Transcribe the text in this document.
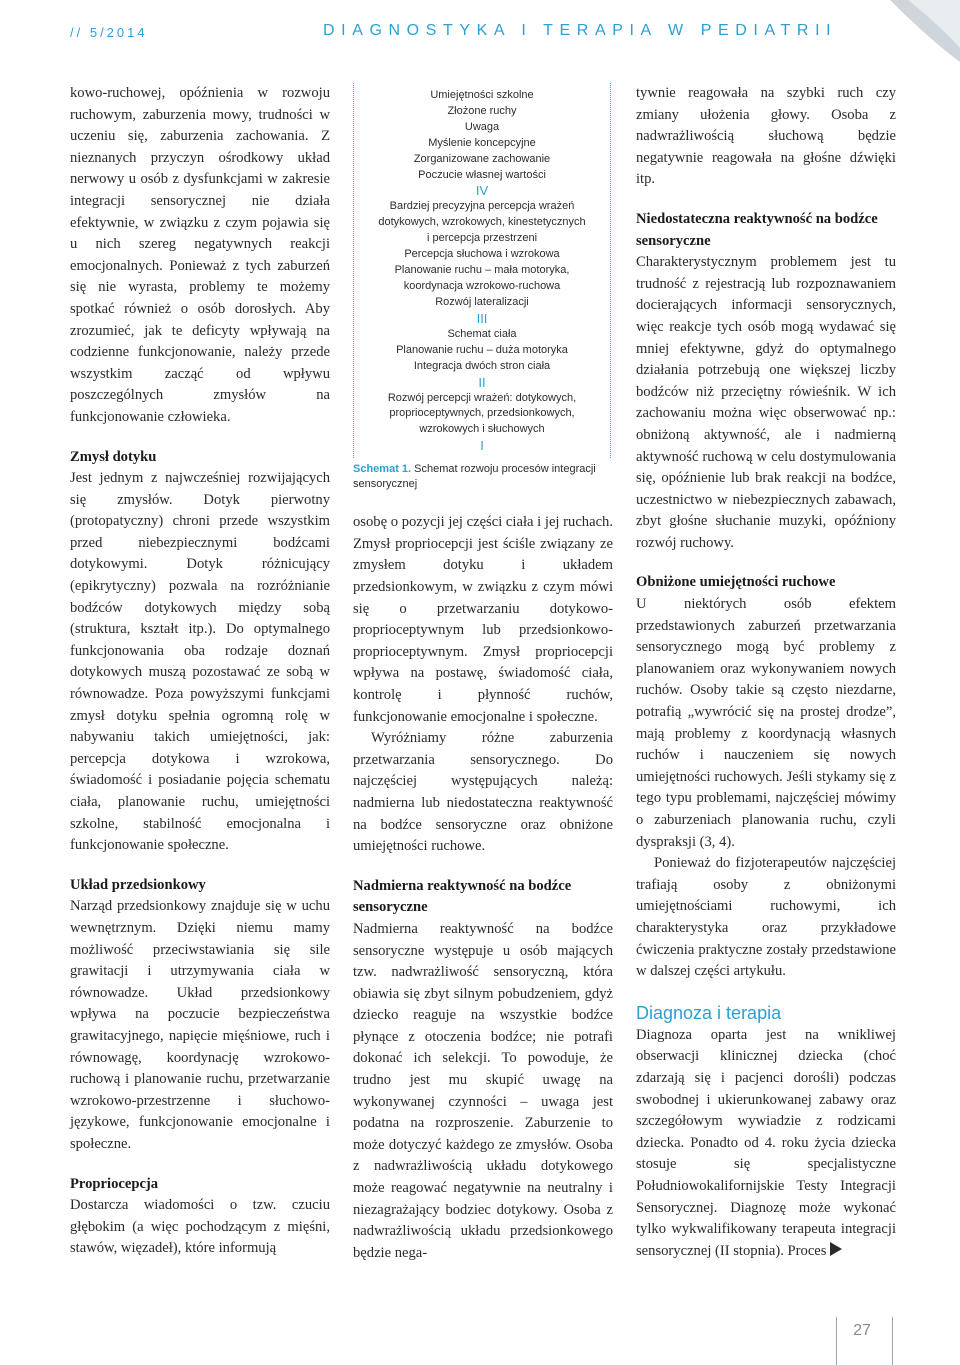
// 5/2014	DIAGNOSTYKA I TERAPIA W PEDIATRII

kowo-ruchowej, opóźnienia w rozwoju ruchowym, zaburzenia mowy, trudności w uczeniu się, zaburzenia zachowania. Z nieznanych przyczyn ośrodkowy układ nerwowy u osób z dysfunkcjami w zakresie integracji sensorycznej nie działa efektywnie, w związku z czym pojawia się u nich szereg negatywnych reakcji emocjonalnych. Ponieważ z tych zaburzeń się nie wyrasta, problemy te możemy spotkać również o osób dorosłych. Aby zrozumieć, jak te deficyty wpływają na codzienne funkcjonowanie, należy przede wszystkim zacząć od wpływu poszczególnych zmysłów na funkcjonowanie człowieka.

Zmysł dotyku

Jest jednym z najwcześniej rozwijających się zmysłów. Dotyk pierwotny (protopatyczny) chroni przede wszystkim przed niebezpiecznymi bodźcami dotykowymi. Dotyk różnicujący (epikrytyczny) pozwala na rozróżnianie bodźców dotykowych między sobą (struktura, kształt itp.). Do optymalnego funkcjonowania oba rodzaje doznań dotykowych muszą pozostawać ze sobą w równowadze. Poza powyższymi funkcjami zmysł dotyku spełnia ogromną rolę w nabywaniu takich umiejętności, jak: percepcja dotykowa i wzrokowa, świadomość i posiadanie pojęcia schematu ciała, planowanie ruchu, umiejętności szkolne, stabilność emocjonalna i funkcjonowanie społeczne.

Układ przedsionkowy

Narząd przedsionkowy znajduje się w uchu wewnętrznym. Dzięki niemu mamy możliwość przeciwstawiania się sile grawitacji i utrzymywania ciała w równowadze. Układ przedsionkowy wpływa na poczucie bezpieczeństwa grawitacyjnego, napięcie mięśniowe, ruch i równowagę, koordynację wzrokowo-ruchową i planowanie ruchu, przetwarzanie wzrokowo-przestrzenne i słuchowo-językowe, funkcjonowanie emocjonalne i społeczne.

Propriocepcja

Dostarcza wiadomości o tzw. czuciu głębokim (a więc pochodzącym z mięśni, stawów, więzadeł), które informują

Umiejętności szkolne
Złożone ruchy
Uwaga
Myślenie koncepcyjne
Zorganizowane zachowanie
Poczucie własnej wartości
IV
Bardziej precyzyjna percepcja wrażeń
dotykowych, wzrokowych, kinestetycznych
i percepcja przestrzeni
Percepcja słuchowa i wzrokowa
Planowanie ruchu – mała motoryka,
koordynacja wzrokowo-ruchowa
Rozwój lateralizacji
III
Schemat ciała
Planowanie ruchu – duża motoryka
Integracja dwóch stron ciała
II
Rozwój percepcji wrażeń: dotykowych,
proprioceptywnych, przedsionkowych,
wzrokowych i słuchowych
I
Schemat 1. Schemat rozwoju procesów integracji sensorycznej

osobę o pozycji jej części ciała i jej ruchach. Zmysł propriocepcji jest ściśle związany ze zmysłem dotyku i układem przedsionkowym, w związku z czym mówi się o przetwarzaniu dotykowo-proprioceptywnym lub przedsionkowo-proprioceptywnym. Zmysł propriocepcji wpływa na postawę, świadomość ciała, kontrolę i płynność ruchów, funkcjonowanie emocjonalne i społeczne.

Wyróżniamy różne zaburzenia przetwarzania sensorycznego. Do najczęściej występujących należą: nadmierna lub niedostateczna reaktywność na bodźce sensoryczne oraz obniżone umiejętności ruchowe.

Nadmierna reaktywność na bodźce sensoryczne

Nadmierna reaktywność na bodźce sensoryczne występuje u osób mających tzw. nadwrażliwość sensoryczną, która obiawia się zbyt silnym pobudzeniem, gdyż dziecko reaguje na wszystkie bodźce płynące z otoczenia bodźce; nie potrafi dokonać ich selekcji. To powoduje, że trudno jest mu skupić uwagę na wykonywanej czynności – uwaga jest podatna na rozproszenie. Zaburzenie to może dotyczyć każdego ze zmysłów. Osoba z nadwrażliwością układu dotykowego może reagować negatywnie na neutralny i niezagrażający bodziec dotykowy. Osoba z nadwrażliwością układu przedsionkowego będzie nega-

tywnie reagowała na szybki ruch czy zmiany ułożenia głowy. Osoba z nadwrażliwością słuchową będzie negatywnie reagowała na głośne dźwięki itp.

Niedostateczna reaktywność na bodźce sensoryczne

Charakterystycznym problemem jest tu trudność z rejestracją lub rozpoznawaniem docierających informacji sensorycznych, więc reakcje tych osób mogą wydawać się mniej efektywne, gdyż do optymalnego działania potrzebują one większej liczby bodźców niż przeciętny rówieśnik. W ich zachowaniu można więc obserwować np.: obniżoną aktywność, ale i nadmierną aktywność ruchową w celu dostymulowania się, opóźnienie lub brak reakcji na bodźce, uczestnictwo w niebezpiecznych zabawach, zbyt głośne słuchanie muzyki, opóźniony rozwój ruchowy.

Obniżone umiejętności ruchowe

U niektórych osób efektem przedstawionych zaburzeń przetwarzania sensorycznego mogą być problemy z planowaniem oraz wykonywaniem nowych ruchów. Osoby takie są często niezdarne, potrafią „wywrócić się na prostej drodze”, mają problemy z koordynacją własnych ruchów i nauczeniem się nowych umiejętności ruchowych. Jeśli stykamy się z tego typu problemami, najczęściej mówimy o zaburzeniach planowania ruchu, czyli dyspraksji (3, 4).

Ponieważ do fizjoterapeutów najczęściej trafiają osoby z obniżonymi umiejętnościami ruchowymi, ich charakterystyka oraz przykładowe ćwiczenia praktyczne zostały przedstawione w dalszej części artykułu.

Diagnoza i terapia

Diagnoza oparta jest na wnikliwej obserwacji klinicznej dziecka (choć zdarzają się i pacjenci dorośli) podczas swobodnej i ukierunkowanej zabawy oraz szczegółowym wywiadzie z rodzicami dziecka. Ponadto od 4. roku życia dziecka stosuje się specjalistyczne Południowokalifornijskie Testy Integracji Sensorycznej. Diagnozę może wykonać tylko wykwalifikowany terapeuta integracji sensorycznej (II stopnia). Proces

27
